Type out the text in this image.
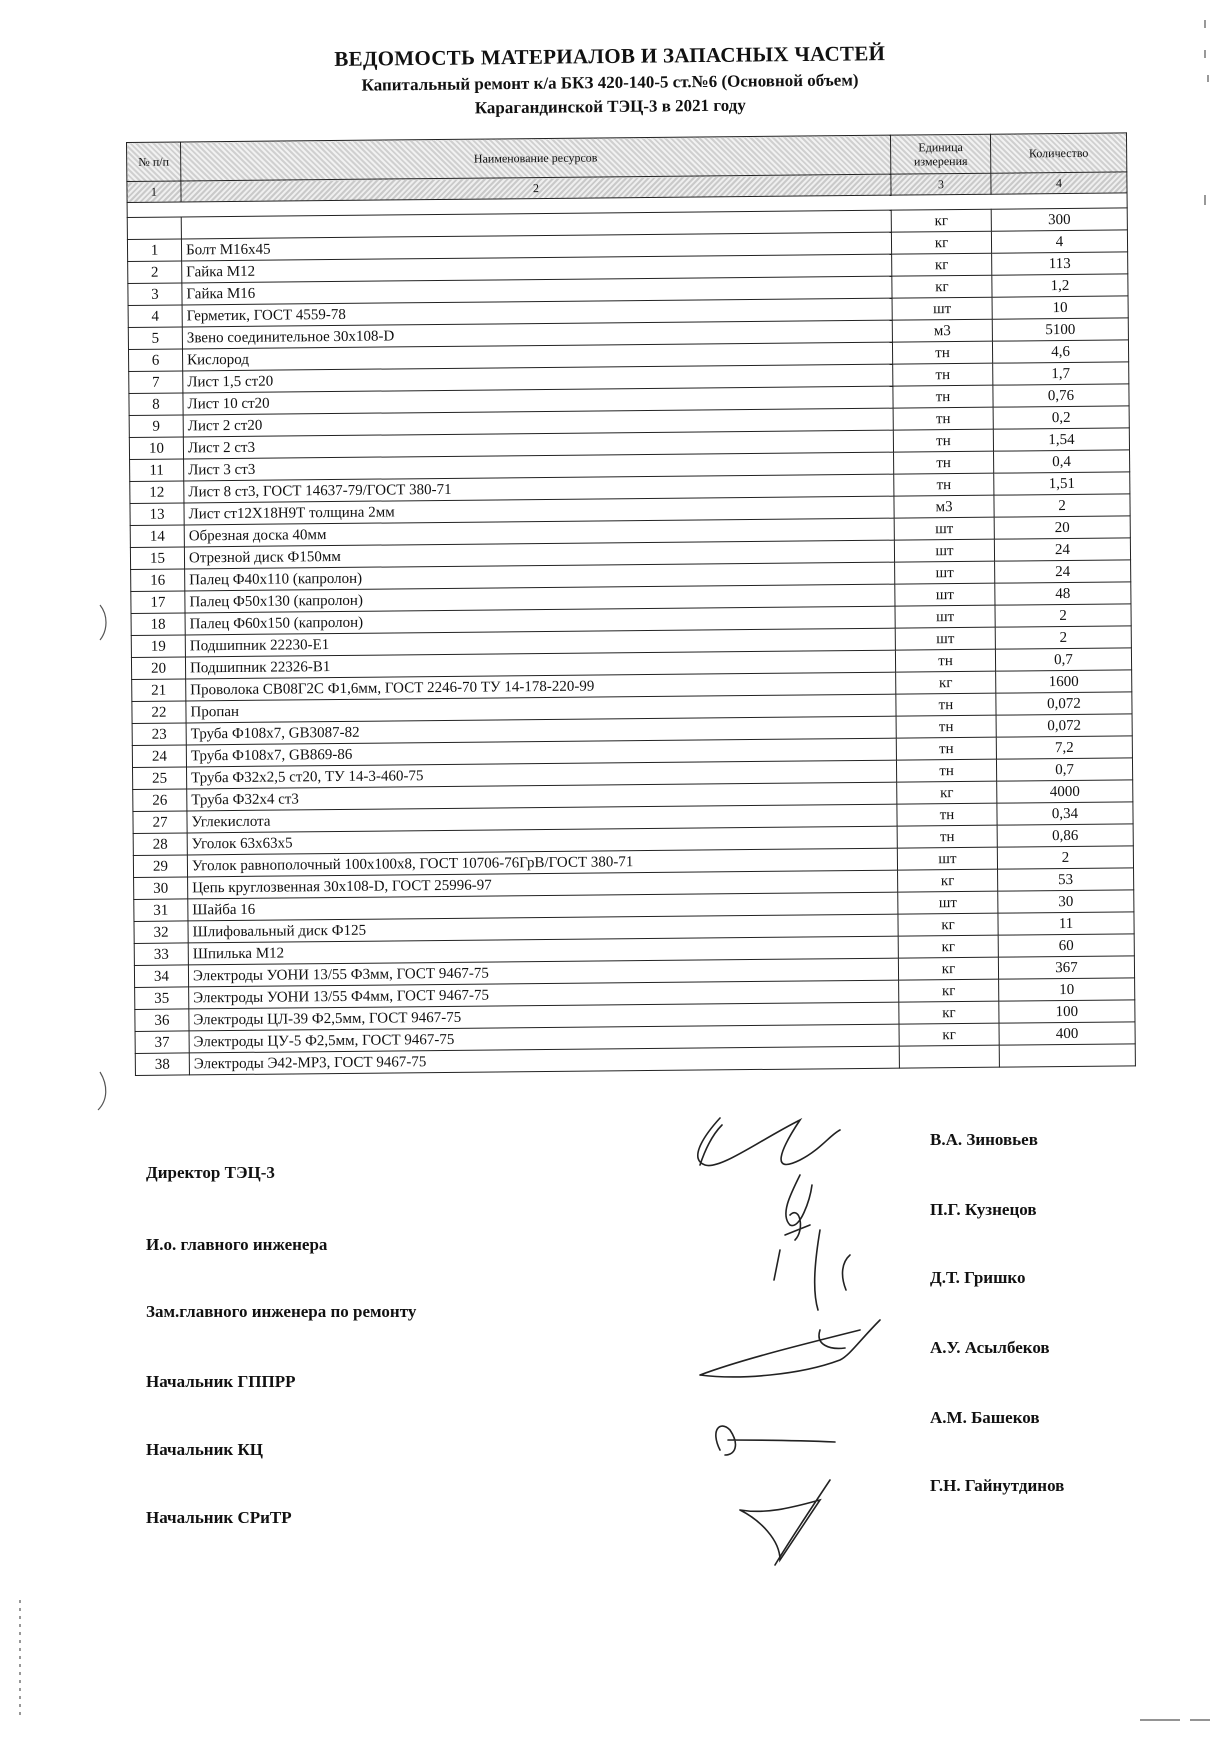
ВЕДОМОСТЬ МАТЕРИАЛОВ И ЗАПАСНЫХ ЧАСТЕЙ
Капитальный ремонт к/а БКЗ 420-140-5 ст.№6 (Основной объем)
Карагандинской ТЭЦ-3 в 2021 году
№ п/п	Наименование ресурсов	Единица измерения	Количество
1	2	3	4

		кг	300
1	Болт М16х45	кг	4
2	Гайка М12	кг	113
3	Гайка М16	кг	1,2
4	Герметик, ГОСТ 4559-78	шт	10
5	Звено соединительное 30х108-D	м3	5100
6	Кислород	тн	4,6
7	Лист 1,5 ст20	тн	1,7
8	Лист 10 ст20	тн	0,76
9	Лист 2 ст20	тн	0,2
10	Лист 2 ст3	тн	1,54
11	Лист 3 ст3	тн	0,4
12	Лист 8 ст3, ГОСТ 14637-79/ГОСТ 380-71	тн	1,51
13	Лист ст12Х18Н9Т толщина 2мм	м3	2
14	Обрезная доска 40мм	шт	20
15	Отрезной диск Ф150мм	шт	24
16	Палец Ф40х110 (капролон)	шт	24
17	Палец Ф50х130 (капролон)	шт	48
18	Палец Ф60х150 (капролон)	шт	2
19	Подшипник 22230-E1	шт	2
20	Подшипник 22326-В1	тн	0,7
21	Проволока СВ08Г2С Ф1,6мм, ГОСТ 2246-70 ТУ 14-178-220-99	кг	1600
22	Пропан	тн	0,072
23	Труба Ф108х7, GB3087-82	тн	0,072
24	Труба Ф108х7, GB869-86	тн	7,2
25	Труба Ф32х2,5 ст20, ТУ 14-3-460-75	тн	0,7
26	Труба Ф32х4 ст3	кг	4000
27	Углекислота	тн	0,34
28	Уголок 63х63х5	тн	0,86
29	Уголок равнополочный 100х100х8, ГОСТ 10706-76ГрВ/ГОСТ 380-71	шт	2
30	Цепь круглозвенная 30х108-D, ГОСТ 25996-97	кг	53
31	Шайба 16	шт	30
32	Шлифовальный диск Ф125	кг	11
33	Шпилька М12	кг	60
34	Электроды УОНИ 13/55 Ф3мм, ГОСТ 9467-75	кг	367
35	Электроды УОНИ 13/55 Ф4мм, ГОСТ 9467-75	кг	10
36	Электроды ЦЛ-39 Ф2,5мм, ГОСТ 9467-75	кг	100
37	Электроды ЦУ-5 Ф2,5мм, ГОСТ 9467-75	кг	400
38	Электроды Э42-МР3, ГОСТ 9467-75		
Директор ТЭЦ-3
В.А. Зиновьев
И.о. главного инженера
П.Г. Кузнецов
Зам.главного инженера по ремонту
Д.Т. Гришко
Начальник ГППРР
А.У. Асылбеков
Начальник КЦ
А.М. Башеков
Начальник СРиТР
Г.Н. Гайнутдинов
